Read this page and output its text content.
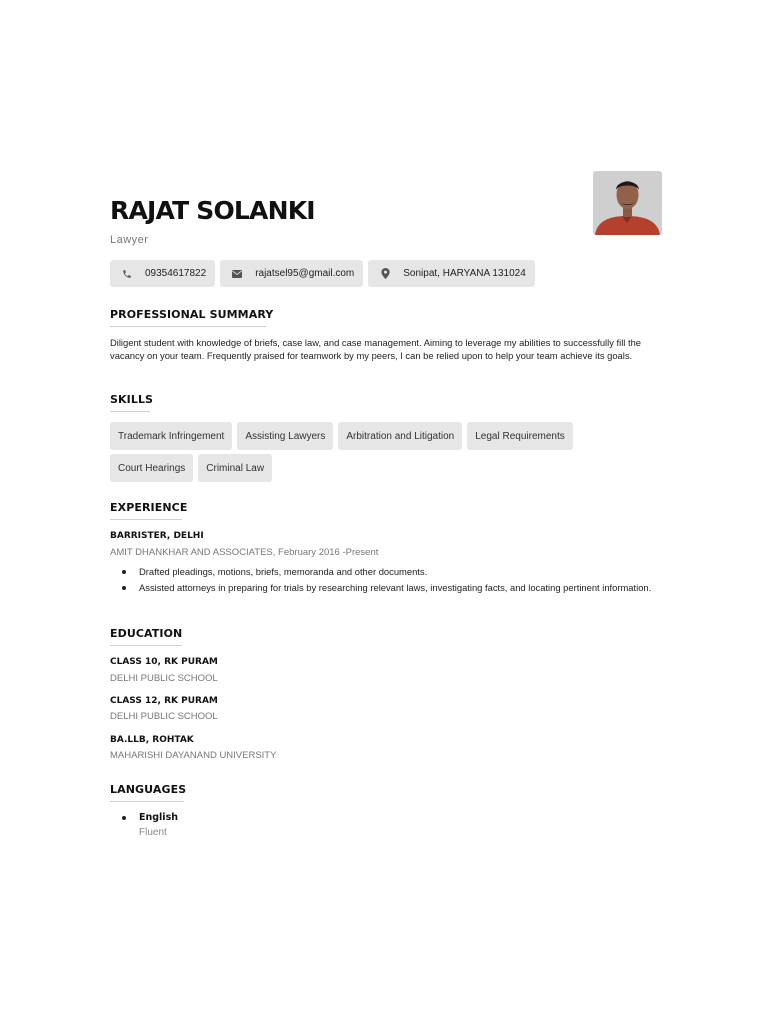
RAJAT SOLANKI
Lawyer
09354617822	rajatsel95@gmail.com	Sonipat, HARYANA 131024
PROFESSIONAL SUMMARY

Diligent student with knowledge of briefs, case law, and case management. Aiming to leverage my abilities to successfully fill the vacancy on your team. Frequently praised for teamwork by my peers, I can be relied upon to help your team achieve its goals.

SKILLS
Trademark Infringement	Assisting Lawyers	Arbitration and Litigation	Legal Requirements
Court Hearings	Criminal Law
EXPERIENCE
BARRISTER, DELHI
AMIT DHANKHAR AND ASSOCIATES, February 2016 -Present
Drafted pleadings, motions, briefs, memoranda and other documents.
Assisted attorneys in preparing for trials by researching relevant laws, investigating facts, and locating pertinent information.
EDUCATION
CLASS 10, RK PURAM
DELHI PUBLIC SCHOOL
CLASS 12, RK PURAM
DELHI PUBLIC SCHOOL
BA.LLB, ROHTAK
MAHARISHI DAYANAND UNIVERSITY
LANGUAGES
English
Fluent
